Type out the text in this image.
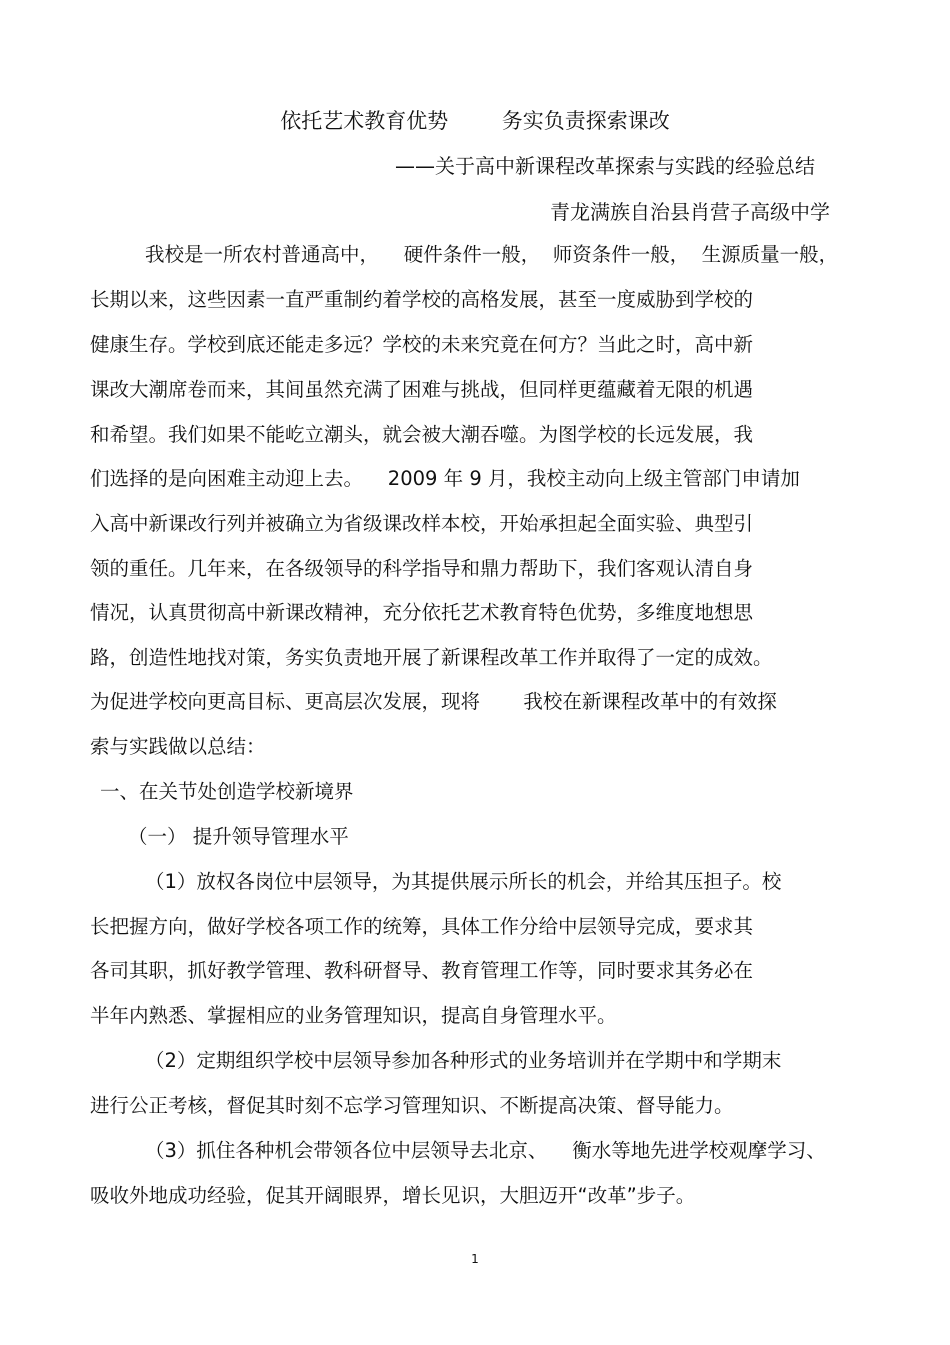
依托艺术教育优势        务实负责探索课改
——关于高中新课程改革探索与实践的经验总结
青龙满族自治县肖营子高级中学
我校是一所农村普通高中，    硬件条件一般，  师资条件一般，  生源质量一般，
长期以来，这些因素一直严重制约着学校的高格发展，甚至一度威胁到学校的
健康生存。学校到底还能走多远？学校的未来究竟在何方？当此之时，高中新
课改大潮席卷而来，其间虽然充满了困难与挑战，但同样更蕴藏着无限的机遇
和希望。我们如果不能屹立潮头，就会被大潮吞噬。为图学校的长远发展，我
们选择的是向困难主动迎上去。    2009 年 9 月，我校主动向上级主管部门申请加
入高中新课改行列并被确立为省级课改样本校，开始承担起全面实验、典型引
领的重任。几年来，在各级领导的科学指导和鼎力帮助下，我们客观认清自身
情况，认真贯彻高中新课改精神，充分依托艺术教育特色优势，多维度地想思
路，创造性地找对策，务实负责地开展了新课程改革工作并取得了一定的成效。
为促进学校向更高目标、更高层次发展，现将       我校在新课程改革中的有效探
索与实践做以总结：
一、在关节处创造学校新境界
（一） 提升领导管理水平
（1）放权各岗位中层领导，为其提供展示所长的机会，并给其压担子。校
长把握方向，做好学校各项工作的统筹，具体工作分给中层领导完成，要求其
各司其职，抓好教学管理、教科研督导、教育管理工作等，同时要求其务必在
半年内熟悉、掌握相应的业务管理知识，提高自身管理水平。
（2）定期组织学校中层领导参加各种形式的业务培训并在学期中和学期末
进行公正考核，督促其时刻不忘学习管理知识、不断提高决策、督导能力。
（3）抓住各种机会带领各位中层领导去北京、    衡水等地先进学校观摩学习、
吸收外地成功经验，促其开阔眼界，增长见识，大胆迈开“改革”步子。
1
